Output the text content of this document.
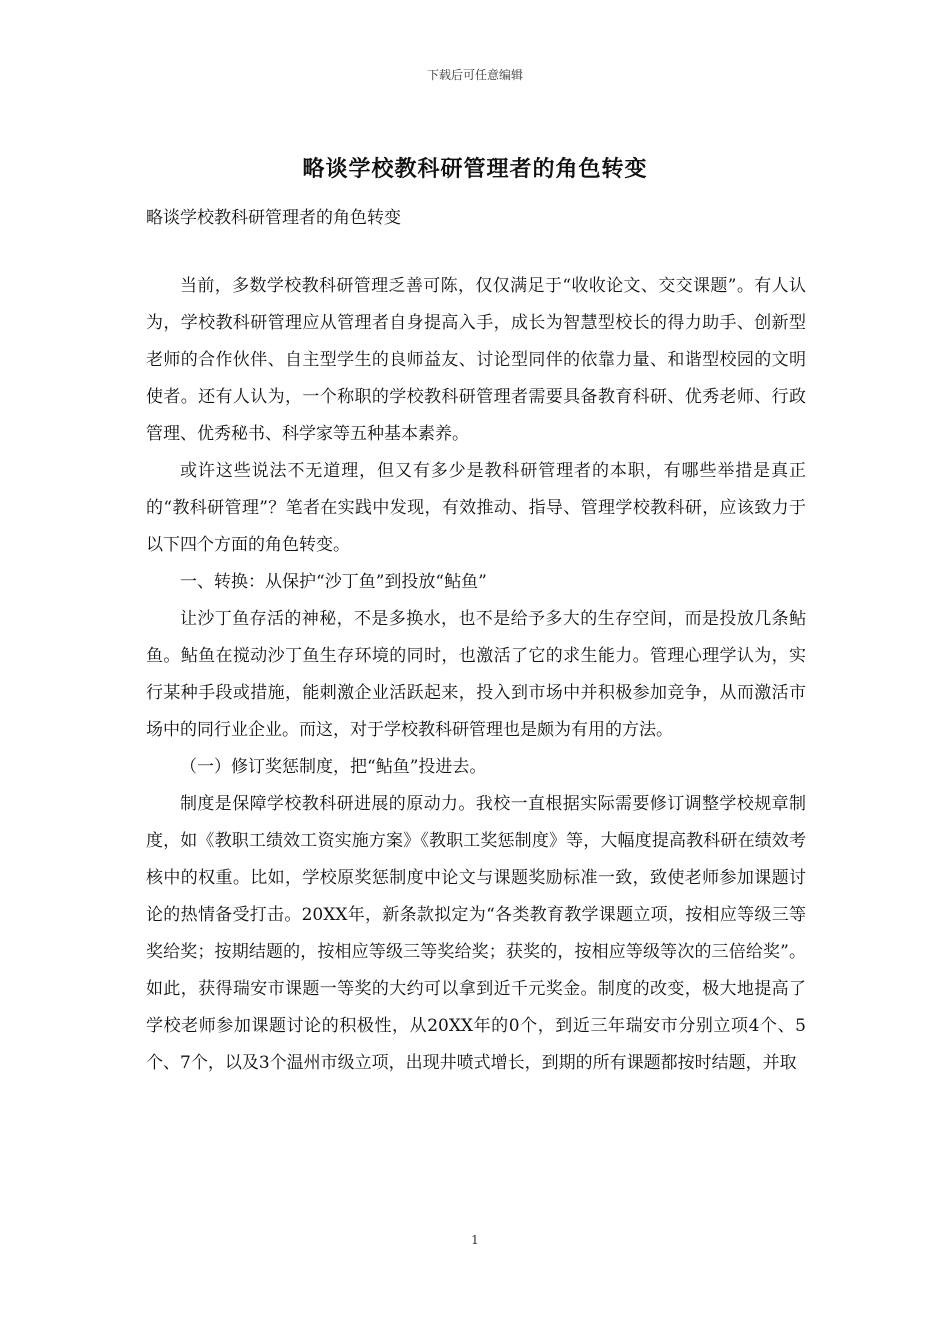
下载后可任意编辑
略谈学校教科研管理者的角色转变
略谈学校教科研管理者的角色转变

当前，多数学校教科研管理乏善可陈，仅仅满足于“收收论文、交交课题”。有人认为，学校教科研管理应从管理者自身提高入手，成长为智慧型校长的得力助手、创新型老师的合作伙伴、自主型学生的良师益友、讨论型同伴的依靠力量、和谐型校园的文明使者。还有人认为，一个称职的学校教科研管理者需要具备教育科研、优秀老师、行政管理、优秀秘书、科学家等五种基本素养。

或许这些说法不无道理，但又有多少是教科研管理者的本职，有哪些举措是真正的“教科研管理”？笔者在实践中发现，有效推动、指导、管理学校教科研，应该致力于以下四个方面的角色转变。

一、转换：从保护“沙丁鱼”到投放“鲇鱼”

让沙丁鱼存活的神秘，不是多换水，也不是给予多大的生存空间，而是投放几条鲇鱼。鲇鱼在搅动沙丁鱼生存环境的同时，也激活了它的求生能力。管理心理学认为，实行某种手段或措施，能刺激企业活跃起来，投入到市场中并积极参加竞争，从而激活市场中的同行业企业。而这，对于学校教科研管理也是颇为有用的方法。

（一）修订奖惩制度，把“鲇鱼”投进去。

制度是保障学校教科研进展的原动力。我校一直根据实际需要修订调整学校规章制度，如《教职工绩效工资实施方案》《教职工奖惩制度》等，大幅度提高教科研在绩效考核中的权重。比如，学校原奖惩制度中论文与课题奖励标准一致，致使老师参加课题讨论的热情备受打击。20XX年，新条款拟定为“各类教育教学课题立项，按相应等级三等奖给奖；按期结题的，按相应等级三等奖给奖；获奖的，按相应等级等次的三倍给奖”。如此，获得瑞安市课题一等奖的大约可以拿到近千元奖金。制度的改变，极大地提高了学校老师参加课题讨论的积极性，从20XX年的0个，到近三年瑞安市分别立项4个、5个、7个，以及3个温州市级立项，出现井喷式增长，到期的所有课题都按时结题，并取

1
